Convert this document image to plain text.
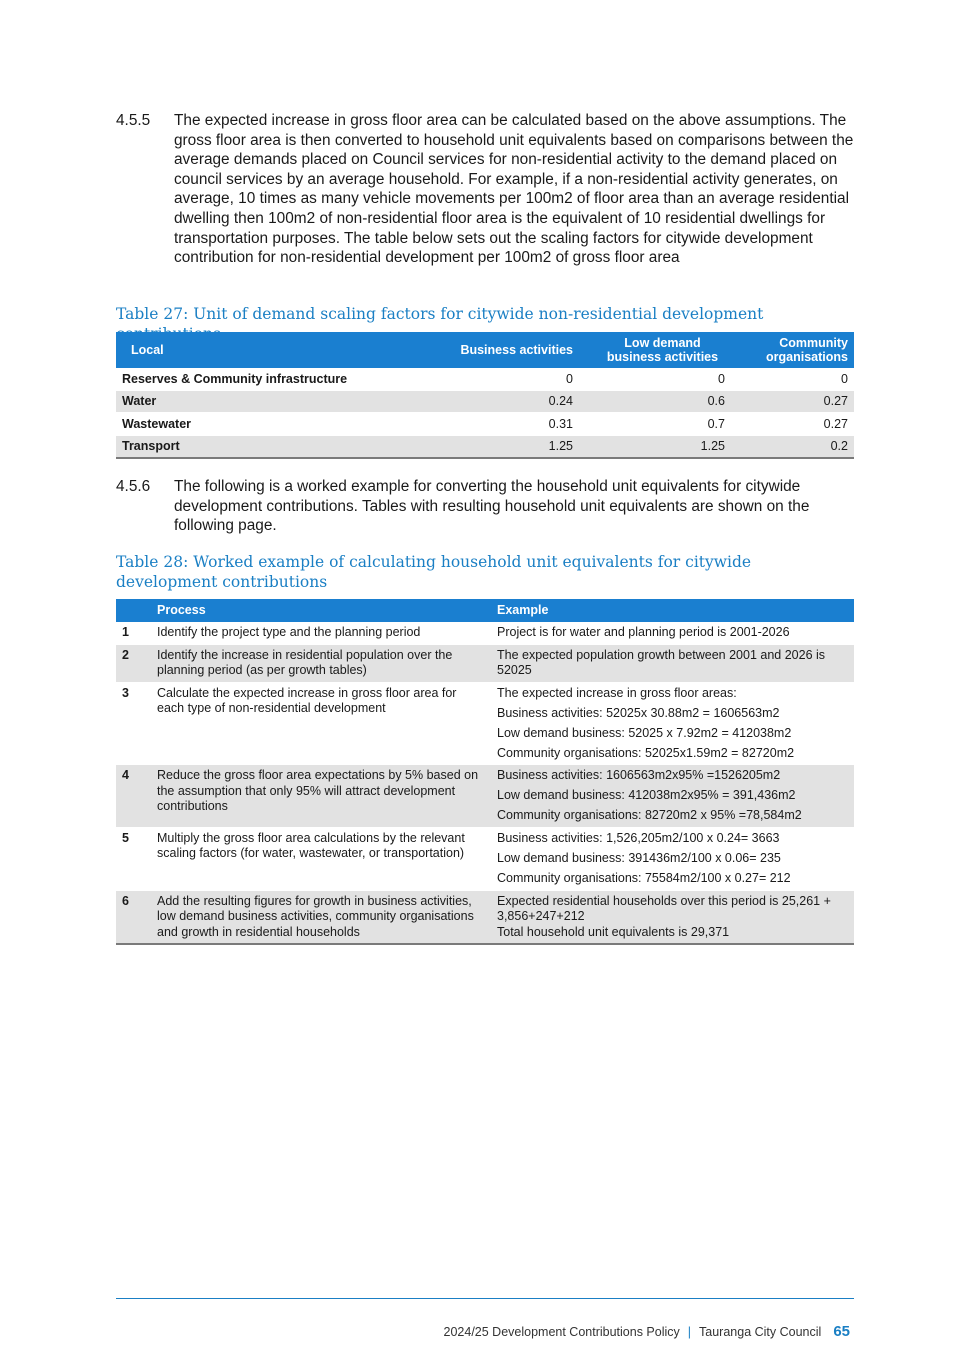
4.5.5 The expected increase in gross floor area can be calculated based on the above assumptions. The gross floor area is then converted to household unit equivalents based on comparisons between the average demands placed on Council services for non-residential activity to the demand placed on council services by an average household. For example, if a non-residential activity generates, on average, 10 times as many vehicle movements per 100m2 of floor area than an average residential dwelling then 100m2 of non-residential floor area is the equivalent of 10 residential dwellings for transportation purposes. The table below sets out the scaling factors for citywide development contribution for non-residential development per 100m2 of gross floor area
Table 27: Unit of demand scaling factors for citywide non-residential development
Local	Business activities	Low demand business activities	Community organisations
Reserves & Community infrastructure	0	0	0
Water	0.24	0.6	0.27
Wastewater	0.31	0.7	0.27
Transport	1.25	1.25	0.2
4.5.6 The following is a worked example for converting the household unit equivalents for citywide development contributions. Tables with resulting household unit equivalents are shown on the following page.
Table 28: Worked example of calculating household unit equivalents for citywide development contributions
	Process	Example
1	Identify the project type and the planning period	Project is for water and planning period is 2001-2026

2	Identify the increase in residential population over the planning period (as per growth tables)	The expected population growth between 2001 and 2026 is 52025

3	Calculate the expected increase in gross floor area for each type of non-residential development	The expected increase in gross floor areas:
Business activities: 52025x 30.88m2 = 1606563m2
Low demand business: 52025 x 7.92m2 = 412038m2
Community organisations: 52025x1.59m2 = 82720m2

4	Reduce the gross floor area expectations by 5% based on the assumption that only 95% will attract development contributions	Business activities: 1606563m2x95% =1526205m2
Low demand business: 412038m2x95% = 391,436m2
Community organisations: 82720m2 x 95% =78,584m2

5	Multiply the gross floor area calculations by the relevant scaling factors (for water, wastewater, or transportation)	Business activities: 1,526,205m2/100 x 0.24= 3663
Low demand business: 391436m2/100 x 0.06= 235
Community organisations: 75584m2/100 x 0.27= 212

6	Add the resulting figures for growth in business activities, low demand business activities, community organisations and growth in residential households	Expected residential households over this period is 25,261 + 3,856+247+212
Total household unit equivalents is 29,371
2024/25 Development Contributions Policy | Tauranga City Council 65
